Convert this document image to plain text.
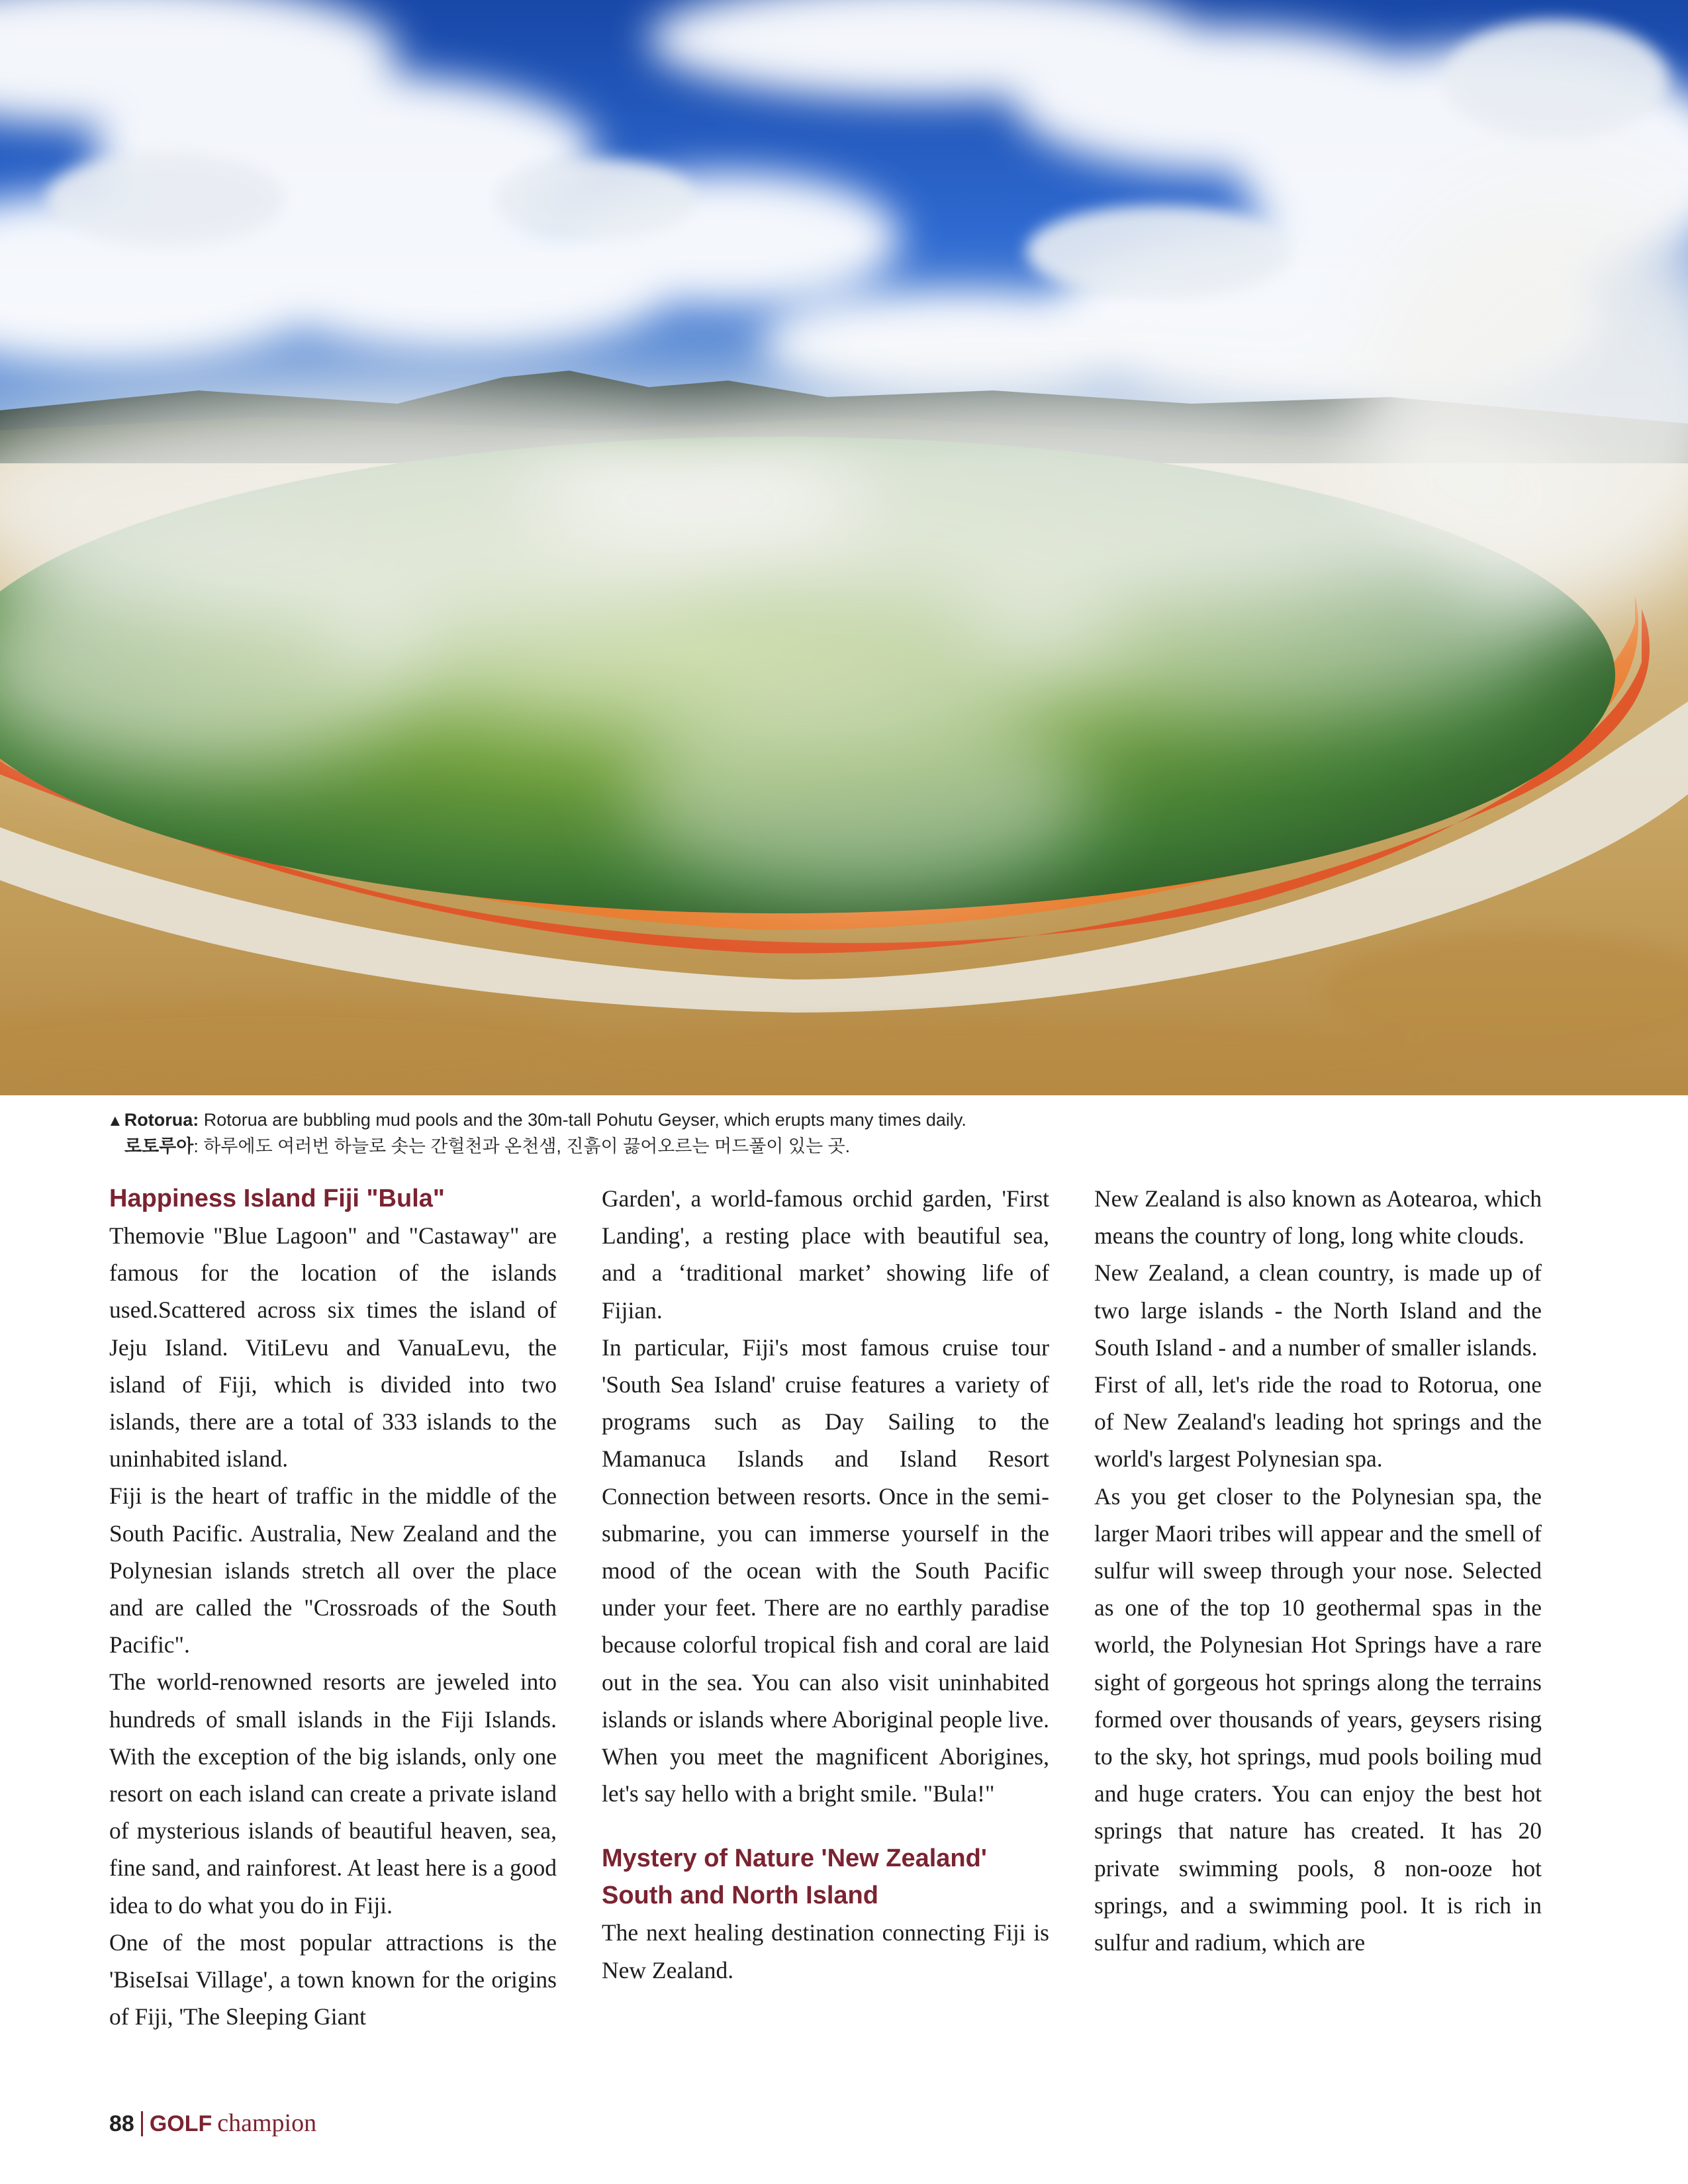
▲Rotorua: Rotorua are bubbling mud pools and the 30m-tall Pohutu Geyser, which erupts many times daily.
로토루아: 하루에도 여러번 하늘로 솟는 간헐천과 온천샘, 진흙이 끓어오르는 머드풀이 있는 곳.
Happiness Island Fiji "Bula"

Themovie "Blue Lagoon" and "Castaway" are famous for the location of the islands used.Scattered across six times the island of Jeju Island. VitiLevu and VanuaLevu, the island of Fiji, which is divided into two islands, there are a total of 333 islands to the uninhabited island.

Fiji is the heart of traffic in the middle of the South Pacific. Australia, New Zealand and the Polynesian islands stretch all over the place and are called the "Crossroads of the South Pacific".

The world-renowned resorts are jeweled into hundreds of small islands in the Fiji Islands. With the exception of the big islands, only one resort on each island can create a private island of mysterious islands of beautiful heaven, sea, fine sand, and rainforest. At least here is a good idea to do what you do in Fiji.

One of the most popular attractions is the 'BiseIsai Village', a town known for the origins of Fiji, 'The Sleeping Giant

Garden', a world-famous orchid garden, 'First Landing', a resting place with beautiful sea, and a ‘traditional market’ showing life of Fijian.

In particular, Fiji's most famous cruise tour 'South Sea Island' cruise features a variety of programs such as Day Sailing to the Mamanuca Islands and Island Resort Connection between resorts. Once in the semi-submarine, you can immerse yourself in the mood of the ocean with the South Pacific under your feet. There are no earthly paradise because colorful tropical fish and coral are laid out in the sea. You can also visit uninhabited islands or islands where Aboriginal people live. When you meet the magnificent Aborigines, let's say hello with a bright smile. "Bula!"

Mystery of Nature 'New Zealand' South and North Island

The next healing destination connecting Fiji is New Zealand.

New Zealand is also known as Aotearoa, which means the country of long, long white clouds.

New Zealand, a clean country, is made up of two large islands - the North Island and the South Island - and a number of smaller islands.

First of all, let's ride the road to Rotorua, one of New Zealand's leading hot springs and the world's largest Polynesian spa.

As you get closer to the Polynesian spa, the larger Maori tribes will appear and the smell of sulfur will sweep through your nose. Selected as one of the top 10 geothermal spas in the world, the Polynesian Hot Springs have a rare sight of gorgeous hot springs along the terrains formed over thousands of years, geysers rising to the sky, hot springs, mud pools boiling mud and huge craters. You can enjoy the best hot springs that nature has created. It has 20 private swimming pools, 8 non-ooze hot springs, and a swimming pool. It is rich in sulfur and radium, which are

88 GOLF champion
